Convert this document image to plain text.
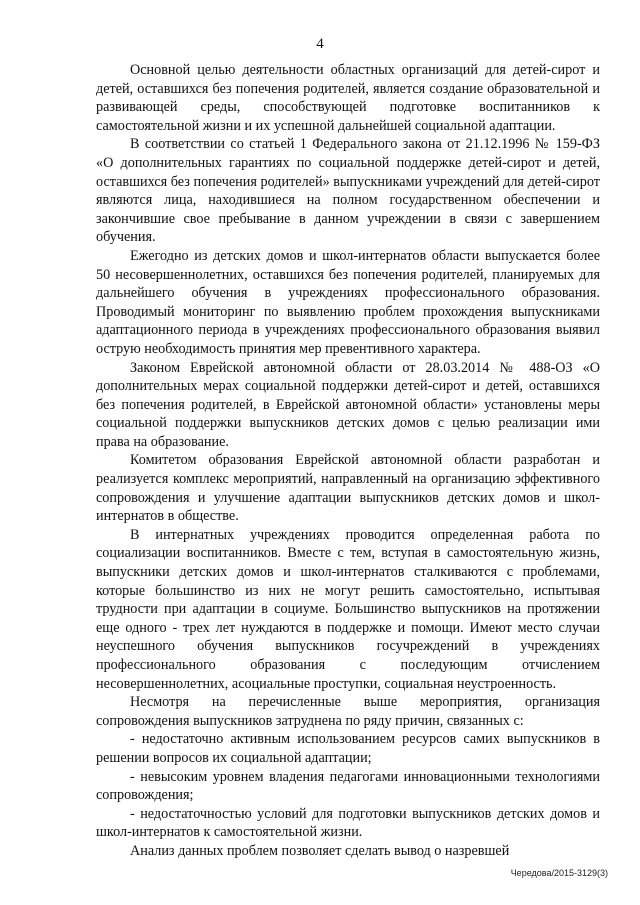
4

Основной целью деятельности областных организаций для детей-сирот и детей, оставшихся без попечения родителей, является создание образовательной и развивающей среды, способствующей подготовке воспитанников к самостоятельной жизни и их успешной дальнейшей социальной адаптации.

В соответствии со статьей 1 Федерального закона от 21.12.1996 № 159-ФЗ «О дополнительных гарантиях по социальной поддержке детей-сирот и детей, оставшихся без попечения родителей» выпускниками учреждений для детей-сирот являются лица, находившиеся на полном государственном обеспечении и закончившие свое пребывание в данном учреждении в связи с завершением обучения.

Ежегодно из детских домов и школ-интернатов области выпускается более 50 несовершеннолетних, оставшихся без попечения родителей, планируемых для дальнейшего обучения в учреждениях профессионального образования. Проводимый мониторинг по выявлению проблем прохождения выпускниками адаптационного периода в учреждениях профессионального образования выявил острую необходимость принятия мер превентивного характера.

Законом Еврейской автономной области от 28.03.2014 № 488-ОЗ «О дополнительных мерах социальной поддержки детей-сирот и детей, оставшихся без попечения родителей, в Еврейской автономной области» установлены меры социальной поддержки выпускников детских домов с целью реализации ими права на образование.

Комитетом образования Еврейской автономной области разработан и реализуется комплекс мероприятий, направленный на организацию эффективного сопровождения и улучшение адаптации выпускников детских домов и школ-интернатов в обществе.

В интернатных учреждениях проводится определенная работа по социализации воспитанников. Вместе с тем, вступая в самостоятельную жизнь, выпускники детских домов и школ-интернатов сталкиваются с проблемами, которые большинство из них не могут решить самостоятельно, испытывая трудности при адаптации в социуме. Большинство выпускников на протяжении еще одного - трех лет нуждаются в поддержке и помощи. Имеют место случаи неуспешного обучения выпускников госучреждений в учреждениях профессионального образования с последующим отчислением несовершеннолетних, асоциальные проступки, социальная неустроенность.

Несмотря на перечисленные выше мероприятия, организация сопровождения выпускников затруднена по ряду причин, связанных с:

- недостаточно активным использованием ресурсов самих выпускников в решении вопросов их социальной адаптации;

- невысоким уровнем владения педагогами инновационными технологиями сопровождения;

- недостаточностью условий для подготовки выпускников детских домов и школ-интернатов к самостоятельной жизни.

Анализ данных проблем позволяет сделать вывод о назревшей

Чередова/2015-3129(3)
